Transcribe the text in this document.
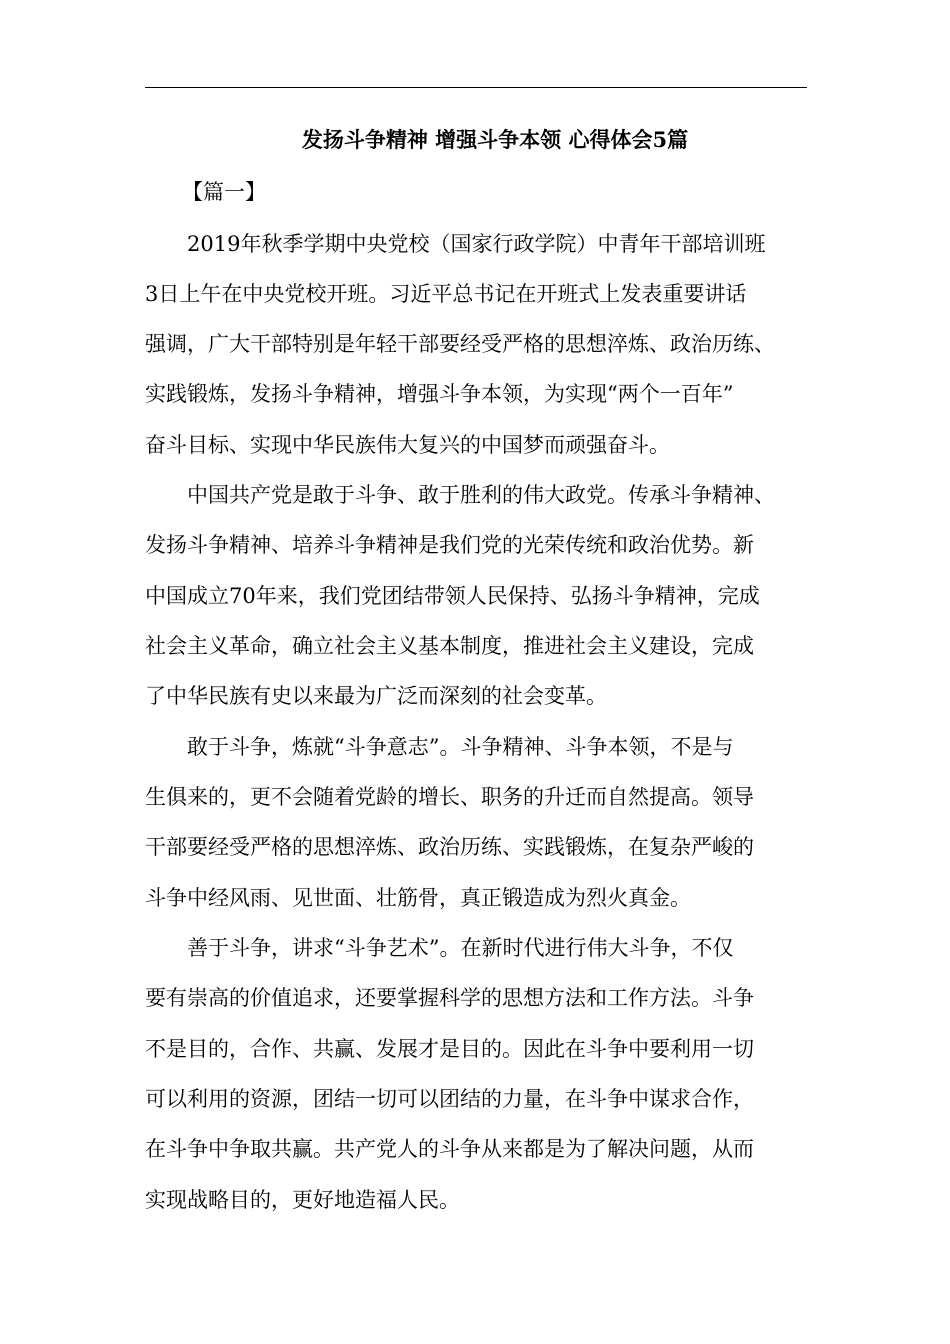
发扬斗争精神 增强斗争本领 心得体会5篇
【篇一】
2019年秋季学期中央党校（国家行政学院）中青年干部培训班
3日上午在中央党校开班。习近平总书记在开班式上发表重要讲话
强调，广大干部特别是年轻干部要经受严格的思想淬炼、政治历练、
实践锻炼，发扬斗争精神，增强斗争本领，为实现“两个一百年”
奋斗目标、实现中华民族伟大复兴的中国梦而顽强奋斗。
中国共产党是敢于斗争、敢于胜利的伟大政党。传承斗争精神、
发扬斗争精神、培养斗争精神是我们党的光荣传统和政治优势。新
中国成立70年来，我们党团结带领人民保持、弘扬斗争精神，完成
社会主义革命，确立社会主义基本制度，推进社会主义建设，完成
了中华民族有史以来最为广泛而深刻的社会变革。
敢于斗争，炼就“斗争意志”。斗争精神、斗争本领，不是与
生俱来的，更不会随着党龄的增长、职务的升迁而自然提高。领导
干部要经受严格的思想淬炼、政治历练、实践锻炼，在复杂严峻的
斗争中经风雨、见世面、壮筋骨，真正锻造成为烈火真金。
善于斗争，讲求“斗争艺术”。在新时代进行伟大斗争，不仅
要有崇高的价值追求，还要掌握科学的思想方法和工作方法。斗争
不是目的，合作、共赢、发展才是目的。因此在斗争中要利用一切
可以利用的资源，团结一切可以团结的力量，在斗争中谋求合作，
在斗争中争取共赢。共产党人的斗争从来都是为了解决问题，从而
实现战略目的，更好地造福人民。
